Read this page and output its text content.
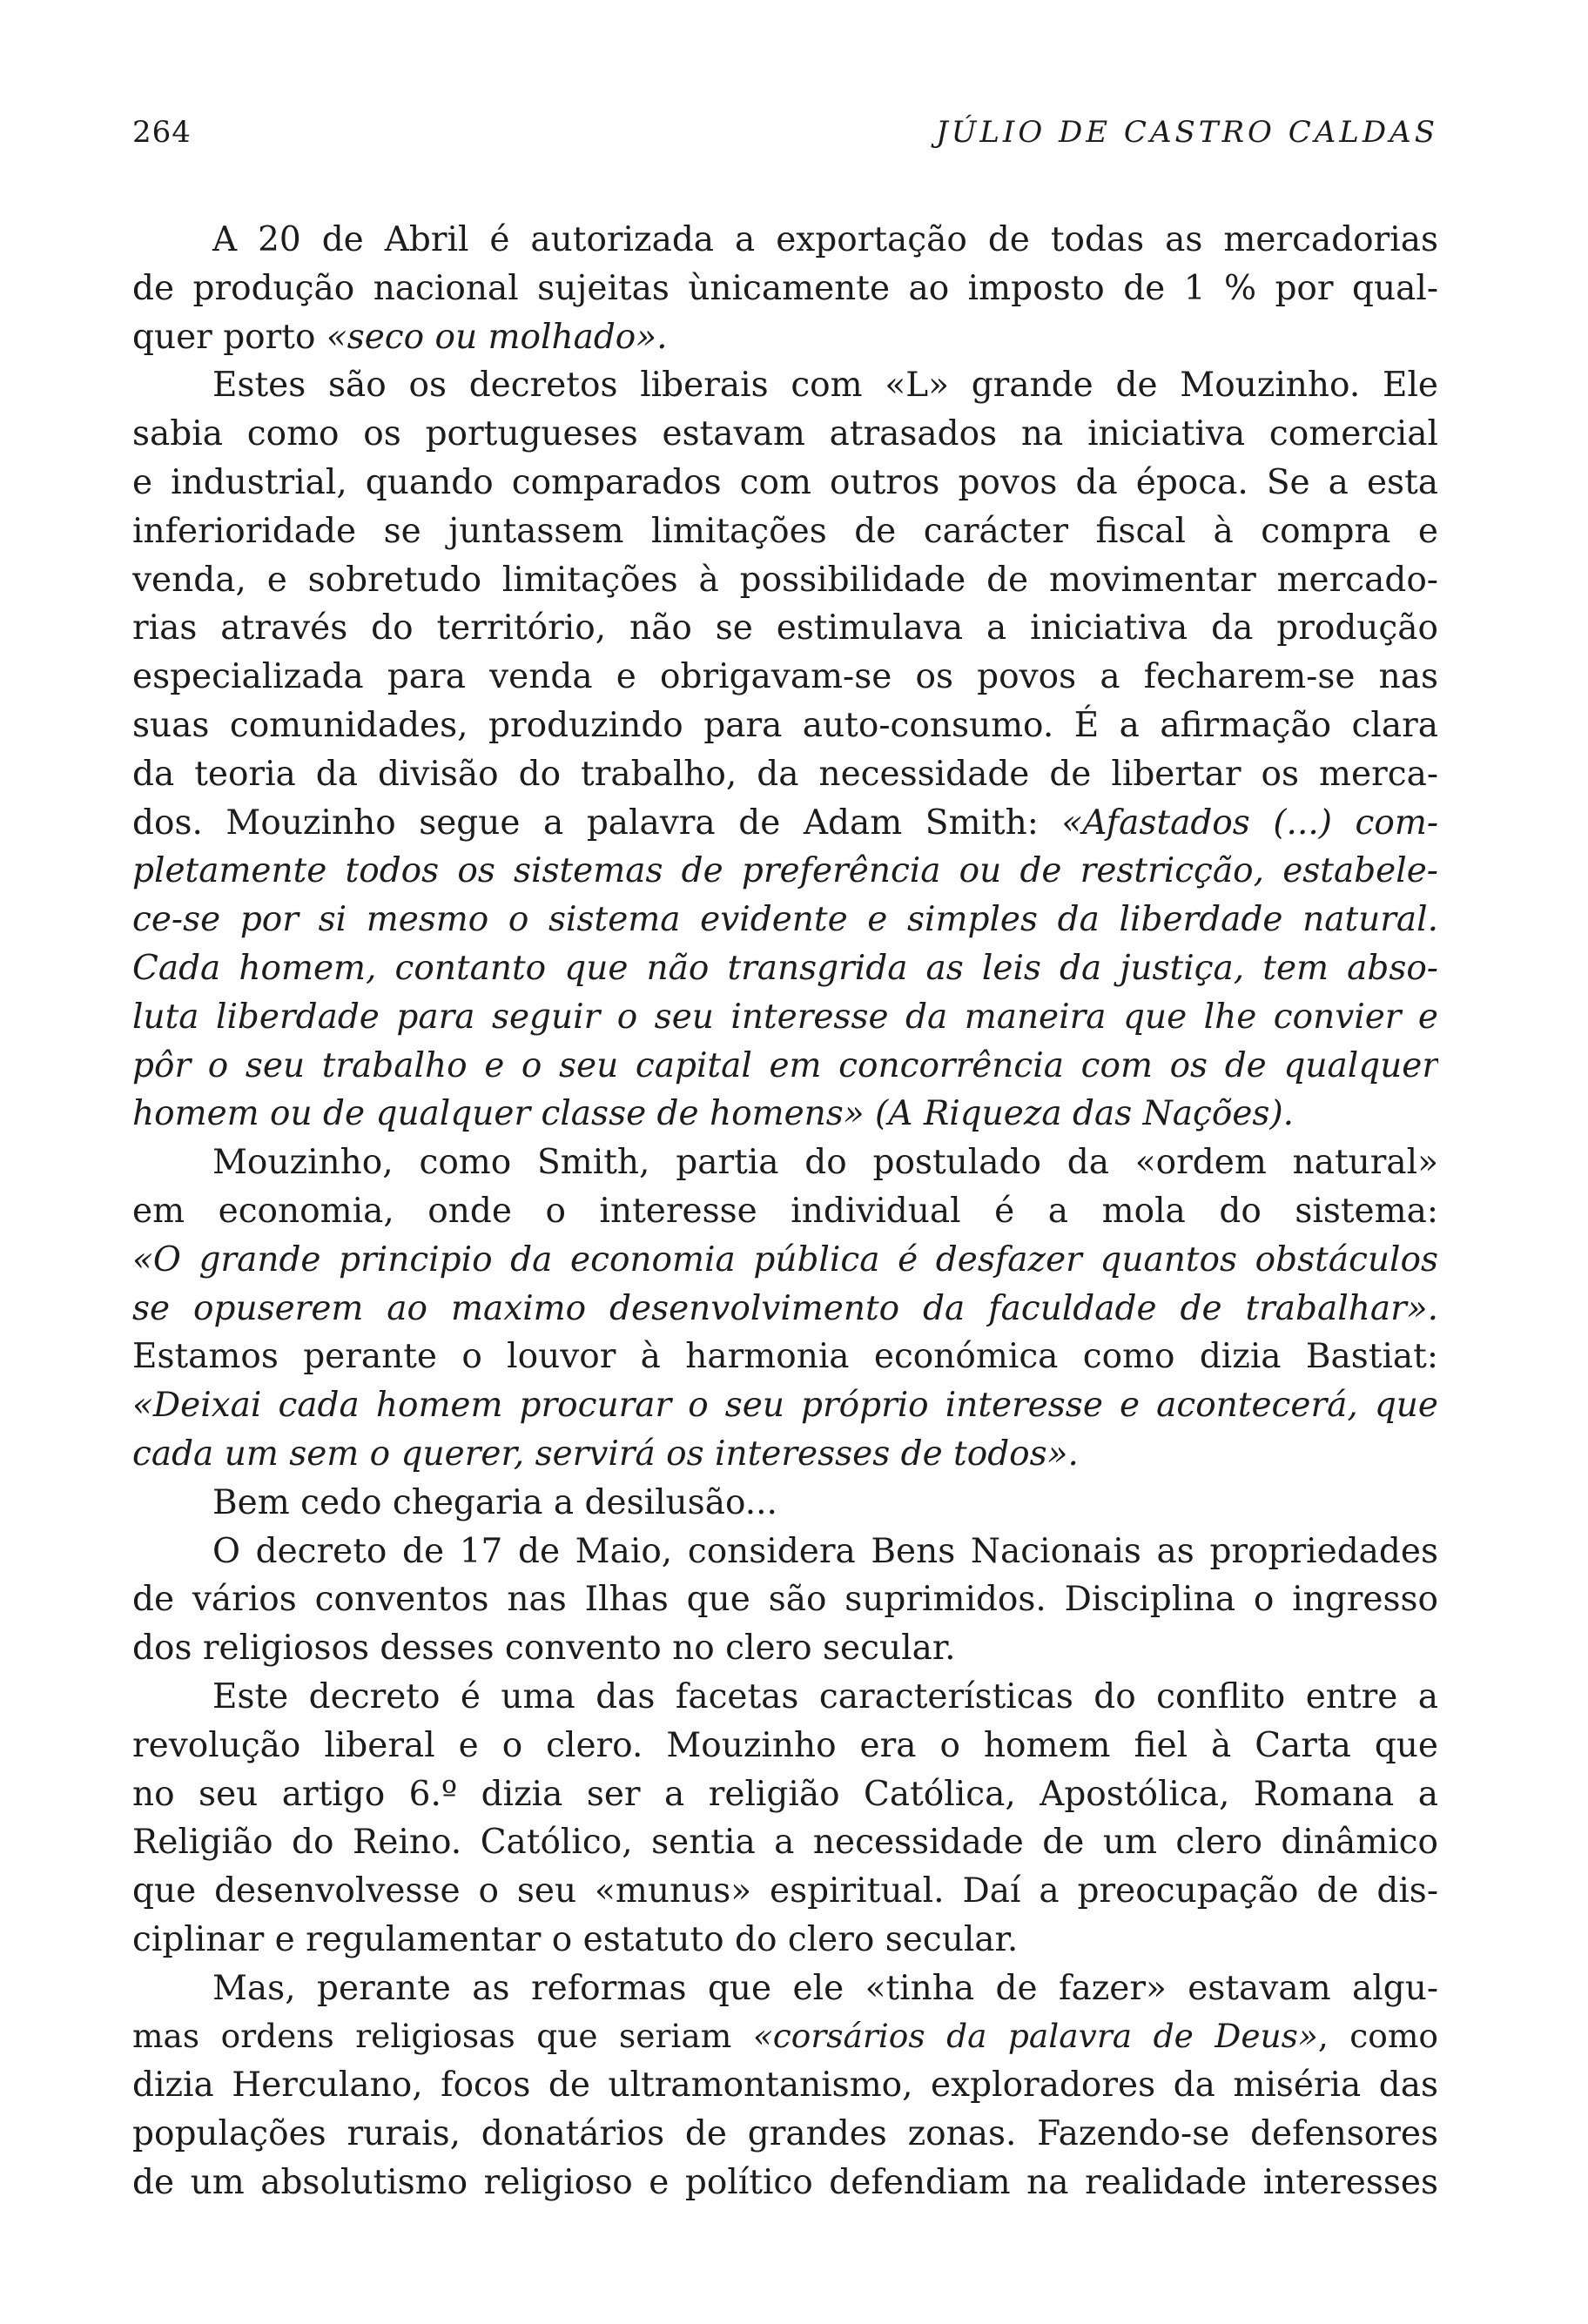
264	JÚLIO DE CASTRO CALDAS
A 20 de Abril é autorizada a exportação de todas as mercadorias
de produção nacional sujeitas ùnicamente ao imposto de 1 % por qual-
quer porto «seco ou molhado».
Estes são os decretos liberais com «L» grande de Mouzinho. Ele
sabia como os portugueses estavam atrasados na iniciativa comercial
e industrial, quando comparados com outros povos da época. Se a esta
inferioridade se juntassem limitações de carácter fiscal à compra e
venda, e sobretudo limitações à possibilidade de movimentar mercado-
rias através do território, não se estimulava a iniciativa da produção
especializada para venda e obrigavam-se os povos a fecharem-se nas
suas comunidades, produzindo para auto-consumo. É a afirmação clara
da teoria da divisão do trabalho, da necessidade de libertar os merca-
dos. Mouzinho segue a palavra de Adam Smith: «Afastados (...) com-
pletamente todos os sistemas de preferência ou de restricção, estabele-
ce-se por si mesmo o sistema evidente e simples da liberdade natural.
Cada homem, contanto que não transgrida as leis da justiça, tem abso-
luta liberdade para seguir o seu interesse da maneira que lhe convier e
pôr o seu trabalho e o seu capital em concorrência com os de qualquer
homem ou de qualquer classe de homens» (A Riqueza das Nações).
Mouzinho, como Smith, partia do postulado da «ordem natural»
em economia, onde o interesse individual é a mola do sistema:
«O grande principio da economia pública é desfazer quantos obstáculos
se opuserem ao maximo desenvolvimento da faculdade de trabalhar».
Estamos perante o louvor à harmonia económica como dizia Bastiat:
«Deixai cada homem procurar o seu próprio interesse e acontecerá, que
cada um sem o querer, servirá os interesses de todos».
Bem cedo chegaria a desilusão...
O decreto de 17 de Maio, considera Bens Nacionais as propriedades
de vários conventos nas Ilhas que são suprimidos. Disciplina o ingresso
dos religiosos desses convento no clero secular.
Este decreto é uma das facetas características do conflito entre a
revolução liberal e o clero. Mouzinho era o homem fiel à Carta que
no seu artigo 6.º dizia ser a religião Católica, Apostólica, Romana a
Religião do Reino. Católico, sentia a necessidade de um clero dinâmico
que desenvolvesse o seu «munus» espiritual. Daí a preocupação de dis-
ciplinar e regulamentar o estatuto do clero secular.
Mas, perante as reformas que ele «tinha de fazer» estavam algu-
mas ordens religiosas que seriam «corsários da palavra de Deus», como
dizia Herculano, focos de ultramontanismo, exploradores da miséria das
populações rurais, donatários de grandes zonas. Fazendo-se defensores
de um absolutismo religioso e político defendiam na realidade interesses
